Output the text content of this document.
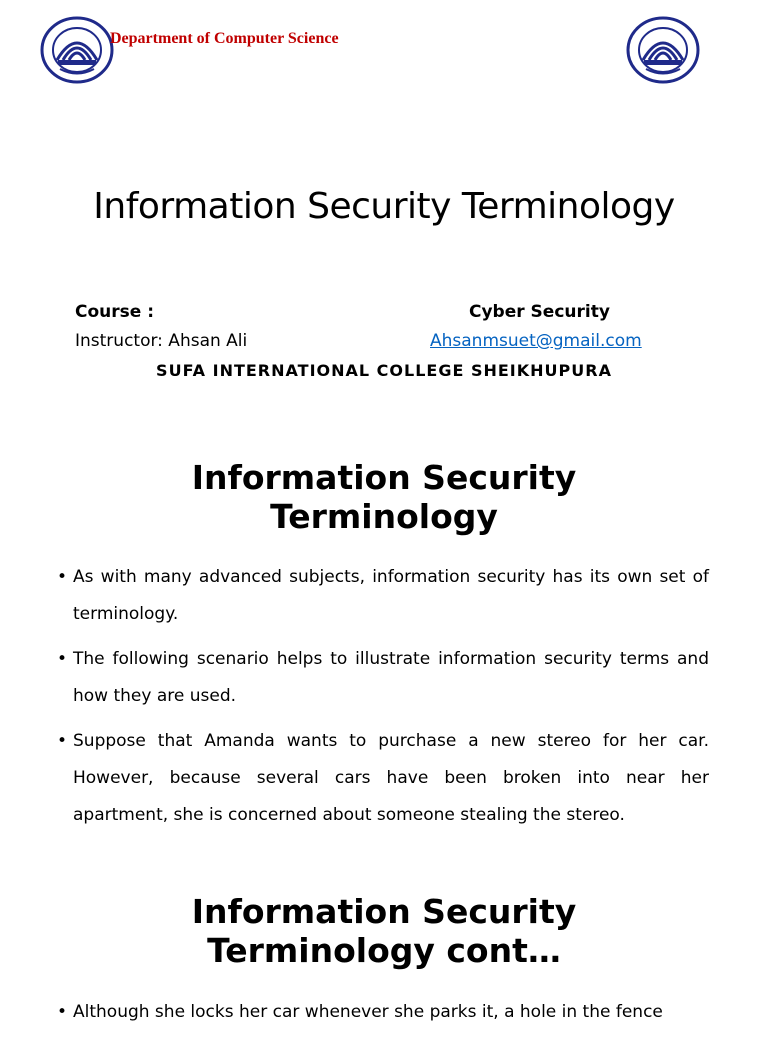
Department of Computer Science
Information Security Terminology
Course :	Cyber Security
Instructor: Ahsan Ali	Ahsanmsuet@gmail.com
SUFA INTERNATIONAL COLLEGE SHEIKHUPURA
Information Security
Terminology
• As with many advanced subjects, information security has its own set of terminology.
• The following scenario helps to illustrate information security terms and how they are used.
• Suppose that Amanda wants to purchase a new stereo for her car. However, because several cars have been broken into near her apartment, she is concerned about someone stealing the stereo.
Information Security
Terminology cont…
• Although she locks her car whenever she parks it, a hole in the fence
